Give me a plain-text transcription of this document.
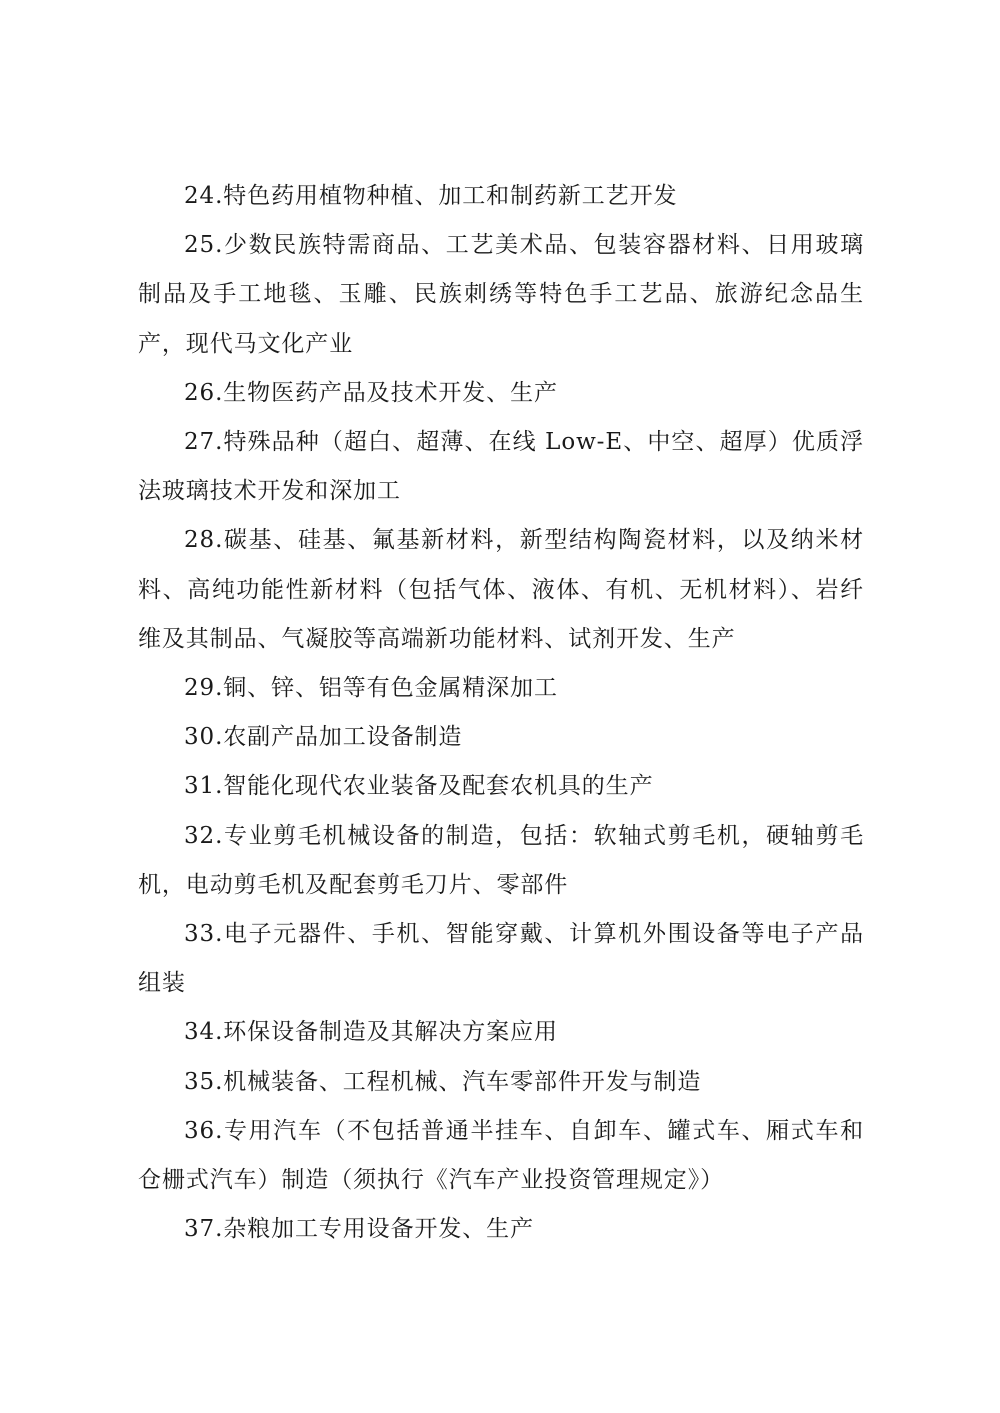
24.特色药用植物种植、加工和制药新工艺开发

25.少数民族特需商品、工艺美术品、包装容器材料、日用玻璃制品及手工地毯、玉雕、民族刺绣等特色手工艺品、旅游纪念品生产，现代马文化产业

26.生物医药产品及技术开发、生产

27.特殊品种（超白、超薄、在线 Low-E、中空、超厚）优质浮法玻璃技术开发和深加工

28.碳基、硅基、氟基新材料，新型结构陶瓷材料，以及纳米材料、高纯功能性新材料（包括气体、液体、有机、无机材料）、岩纤维及其制品、气凝胶等高端新功能材料、试剂开发、生产

29.铜、锌、铝等有色金属精深加工

30.农副产品加工设备制造

31.智能化现代农业装备及配套农机具的生产

32.专业剪毛机械设备的制造，包括：软轴式剪毛机，硬轴剪毛机，电动剪毛机及配套剪毛刀片、零部件

33.电子元器件、手机、智能穿戴、计算机外围设备等电子产品组装

34.环保设备制造及其解决方案应用

35.机械装备、工程机械、汽车零部件开发与制造

36.专用汽车（不包括普通半挂车、自卸车、罐式车、厢式车和仓栅式汽车）制造（须执行《汽车产业投资管理规定》）

37.杂粮加工专用设备开发、生产
